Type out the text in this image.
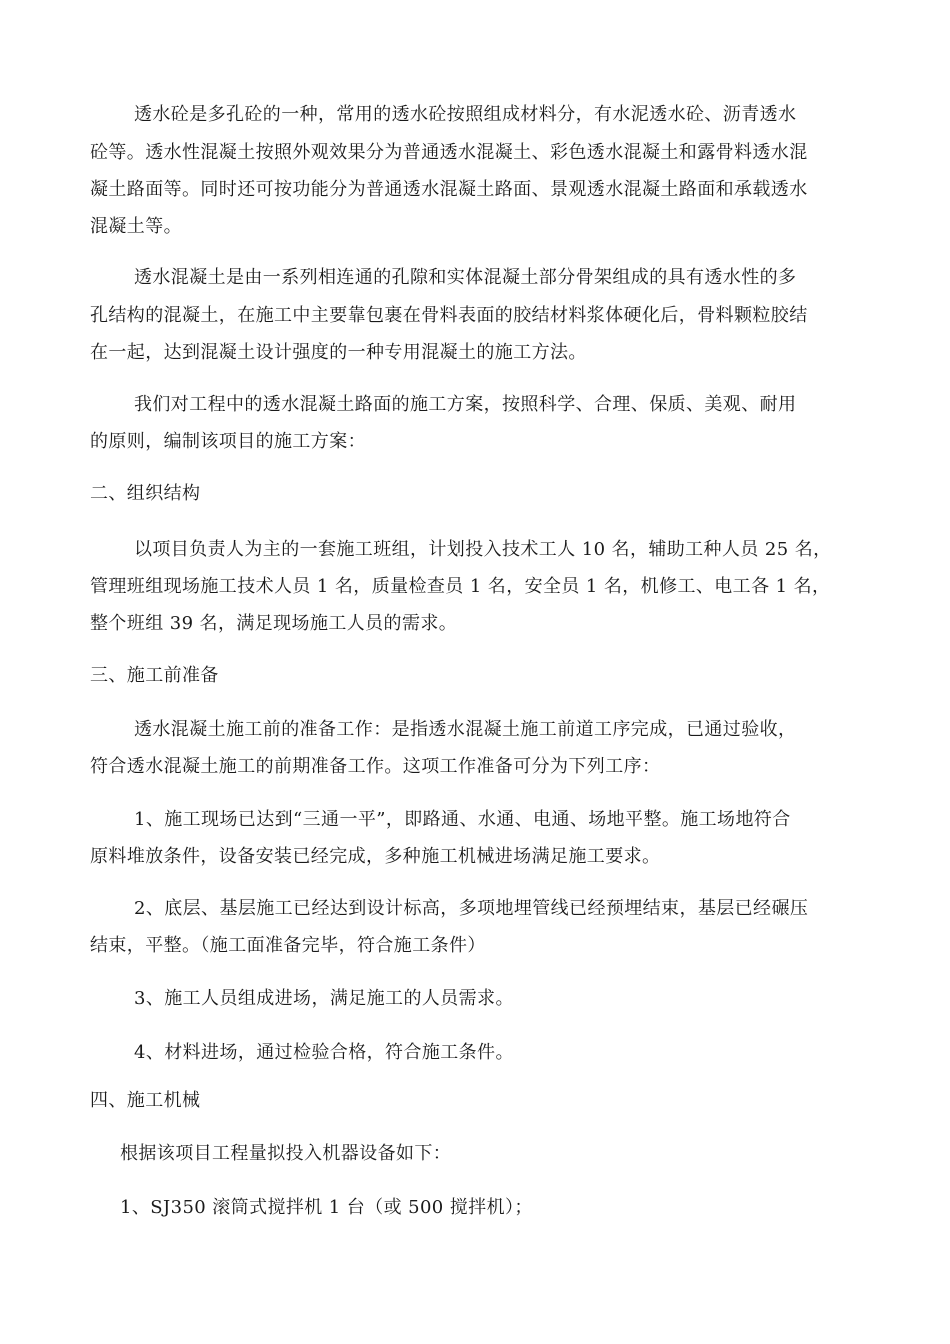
透水砼是多孔砼的一种，常用的透水砼按照组成材料分，有水泥透水砼、沥青透水
砼等。透水性混凝土按照外观效果分为普通透水混凝土、彩色透水混凝土和露骨料透水混
凝土路面等。同时还可按功能分为普通透水混凝土路面、景观透水混凝土路面和承载透水
混凝土等。
透水混凝土是由一系列相连通的孔隙和实体混凝土部分骨架组成的具有透水性的多
孔结构的混凝土，在施工中主要靠包裹在骨料表面的胶结材料浆体硬化后，骨料颗粒胶结
在一起，达到混凝土设计强度的一种专用混凝土的施工方法。
我们对工程中的透水混凝土路面的施工方案，按照科学、合理、保质、美观、耐用
的原则，编制该项目的施工方案：
二、组织结构
以项目负责人为主的一套施工班组，计划投入技术工人 10 名，辅助工种人员 25 名，
管理班组现场施工技术人员 1 名，质量检查员 1 名，安全员 1 名，机修工、电工各 1 名，
整个班组 39 名，满足现场施工人员的需求。
三、施工前准备
透水混凝土施工前的准备工作：是指透水混凝土施工前道工序完成，已通过验收，
符合透水混凝土施工的前期准备工作。这项工作准备可分为下列工序：
1、施工现场已达到“三通一平”，即路通、水通、电通、场地平整。施工场地符合
原料堆放条件，设备安装已经完成，多种施工机械进场满足施工要求。
2、底层、基层施工已经达到设计标高，多项地埋管线已经预埋结束，基层已经碾压
结束，平整。（施工面准备完毕，符合施工条件）
3、施工人员组成进场，满足施工的人员需求。
4、材料进场，通过检验合格，符合施工条件。
四、施工机械
根据该项目工程量拟投入机器设备如下：
1、SJ350 滚筒式搅拌机 1 台（或 500 搅拌机）；
